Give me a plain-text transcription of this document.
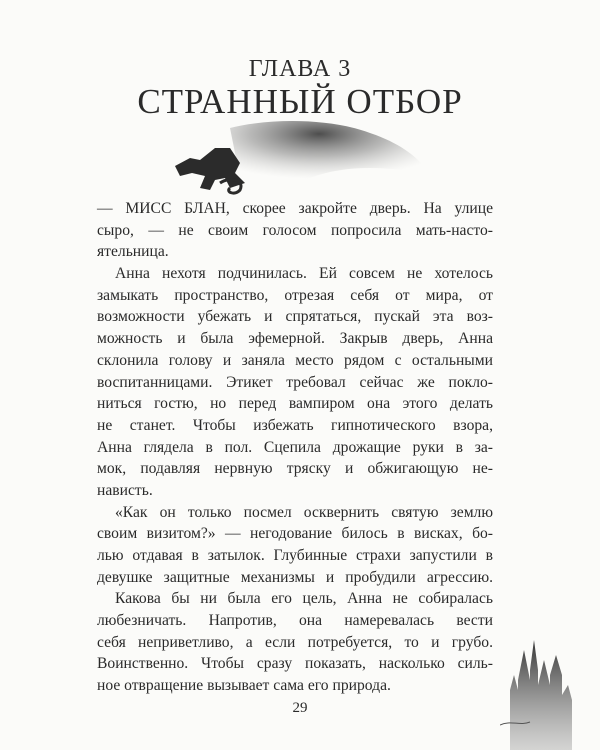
ГЛАВА 3
СТРАННЫЙ ОТБОР
— МИСС БЛАН, скорее закройте дверь. На улице
сыро, — не своим голосом попросила мать-насто-
ятельница.
Анна нехотя подчинилась. Ей совсем не хотелось
замыкать пространство, отрезая себя от мира, от
возможности убежать и спрятаться, пускай эта воз-
можность и была эфемерной. Закрыв дверь, Анна
склонила голову и заняла место рядом с остальными
воспитанницами. Этикет требовал сейчас же покло-
ниться гостю, но перед вампиром она этого делать
не станет. Чтобы избежать гипнотического взора,
Анна глядела в пол. Сцепила дрожащие руки в за-
мок, подавляя нервную тряску и обжигающую не-
нависть.
«Как он только посмел осквернить святую землю
своим визитом?» — негодование билось в висках, бо-
лью отдавая в затылок. Глубинные страхи запустили в
девушке защитные механизмы и пробудили агрессию.
Какова бы ни была его цель, Анна не собиралась
любезничать. Напротив, она намеревалась вести
себя неприветливо, а если потребуется, то и грубо.
Воинственно. Чтобы сразу показать, насколько силь-
ное отвращение вызывает сама его природа.
29
